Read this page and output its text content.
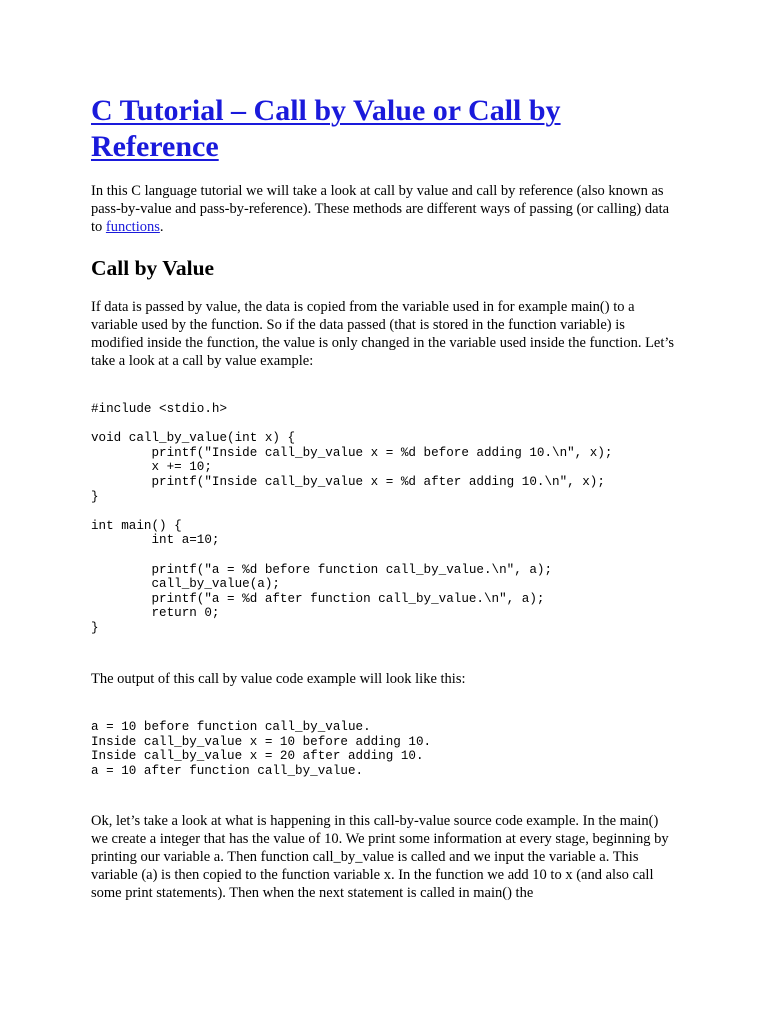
C Tutorial – Call by Value or Call by Reference

In this C language tutorial we will take a look at call by value and call by reference (also known as pass-by-value and pass-by-reference). These methods are different ways of passing (or calling) data to functions.

Call by Value

If data is passed by value, the data is copied from the variable used in for example main() to a variable used by the function. So if the data passed (that is stored in the function variable) is modified inside the function, the value is only changed in the variable used inside the function. Let’s take a look at a call by value example:

#include <stdio.h>

void call_by_value(int x) {
printf("Inside call_by_value x = %d before adding 10.\n", x);
x += 10;
printf("Inside call_by_value x = %d after adding 10.\n", x);
}

int main() {
int a=10;

printf("a = %d before function call_by_value.\n", a);
call_by_value(a);
printf("a = %d after function call_by_value.\n", a);
return 0;
}

The output of this call by value code example will look like this:

a = 10 before function call_by_value.
Inside call_by_value x = 10 before adding 10.
Inside call_by_value x = 20 after adding 10.
a = 10 after function call_by_value.

Ok, let’s take a look at what is happening in this call-by-value source code example. In the main() we create a integer that has the value of 10. We print some information at every stage, beginning by printing our variable a. Then function call_by_value is called and we input the variable a. This variable (a) is then copied to the function variable x. In the function we add 10 to x (and also call some print statements). Then when the next statement is called in main() the
